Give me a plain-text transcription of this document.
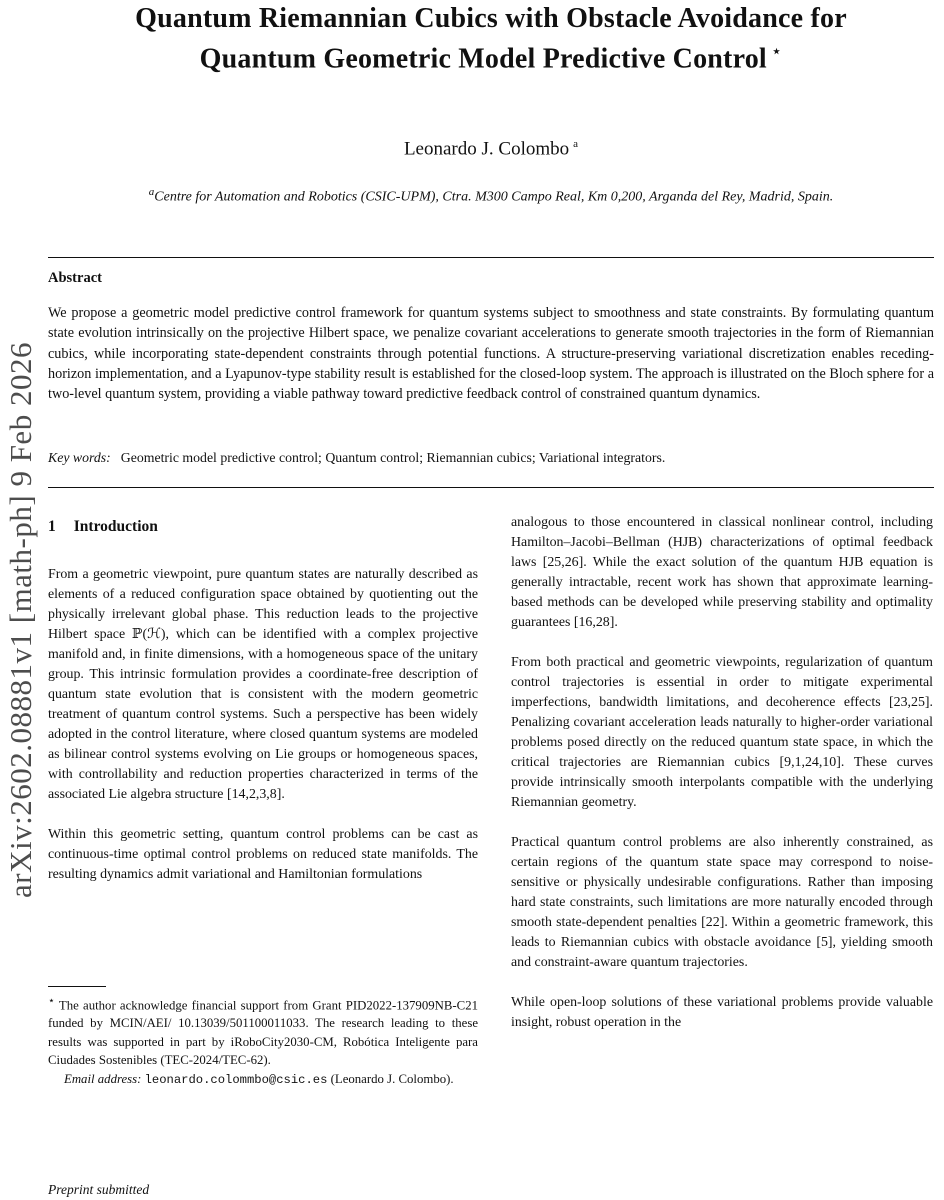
arXiv:2602.08881v1 [math-ph] 9 Feb 2026
Quantum Riemannian Cubics with Obstacle Avoidance for
Quantum Geometric Model Predictive Control ⋆
Leonardo J. Colombo $^a$
$^a$Centre for Automation and Robotics (CSIC-UPM), Ctra. M300 Campo Real, Km 0,200, Arganda del Rey, Madrid, Spain.
Abstract
We propose a geometric model predictive control framework for quantum systems subject to smoothness and state constraints. By formulating quantum state evolution intrinsically on the projective Hilbert space, we penalize covariant accelerations to generate smooth trajectories in the form of Riemannian cubics, while incorporating state-dependent constraints through potential functions. A structure-preserving variational discretization enables receding-horizon implementation, and a Lyapunov-type stability result is established for the closed-loop system. The approach is illustrated on the Bloch sphere for a two-level quantum system, providing a viable pathway toward predictive feedback control of constrained quantum dynamics.
Key words: Geometric model predictive control; Quantum control; Riemannian cubics; Variational integrators.
1 Introduction

From a geometric viewpoint, pure quantum states are naturally described as elements of a reduced configuration space obtained by quotienting out the physically irrelevant global phase. This reduction leads to the projective Hilbert space ℙ(ℋ), which can be identified with a complex projective manifold and, in finite dimensions, with a homogeneous space of the unitary group. This intrinsic formulation provides a coordinate-free description of quantum state evolution that is consistent with the modern geometric treatment of quantum control systems. Such a perspective has been widely adopted in the control literature, where closed quantum systems are modeled as bilinear control systems evolving on Lie groups or homogeneous spaces, with controllability and reduction properties characterized in terms of the associated Lie algebra structure [14,2,3,8].

Within this geometric setting, quantum control problems can be cast as continuous-time optimal control problems on reduced state manifolds. The resulting dynamics admit variational and Hamiltonian formulations

analogous to those encountered in classical nonlinear control, including Hamilton–Jacobi–Bellman (HJB) characterizations of optimal feedback laws [25,26]. While the exact solution of the quantum HJB equation is generally intractable, recent work has shown that approximate learning-based methods can be developed while preserving stability and optimality guarantees [16,28].

From both practical and geometric viewpoints, regularization of quantum control trajectories is essential in order to mitigate experimental imperfections, bandwidth limitations, and decoherence effects [23,25]. Penalizing covariant acceleration leads naturally to higher-order variational problems posed directly on the reduced quantum state space, in which the critical trajectories are Riemannian cubics [9,1,24,10]. These curves provide intrinsically smooth interpolants compatible with the underlying Riemannian geometry.

Practical quantum control problems are also inherently constrained, as certain regions of the quantum state space may correspond to noise-sensitive or physically undesirable configurations. Rather than imposing hard state constraints, such limitations are more naturally encoded through smooth state-dependent penalties [22]. Within a geometric framework, this leads to Riemannian cubics with obstacle avoidance [5], yielding smooth and constraint-aware quantum trajectories.

While open-loop solutions of these variational problems provide valuable insight, robust operation in the

⋆ The author acknowledge financial support from Grant PID2022-137909NB-C21 funded by MCIN/AEI/ 10.13039/501100011033. The research leading to these results was supported in part by iRoboCity2030-CM, Robótica Inteligente para Ciudades Sostenibles (TEC-2024/TEC-62).
Email address: leonardo.colommbo@csic.es (Leonardo J. Colombo).
Preprint submitted
